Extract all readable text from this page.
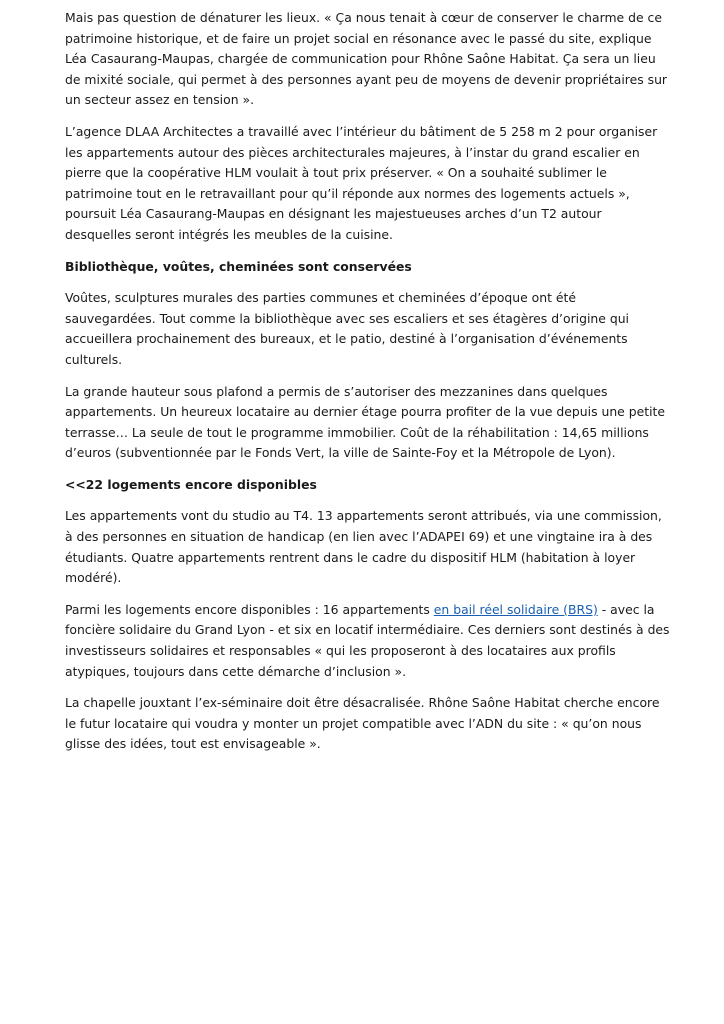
Mais pas question de dénaturer les lieux. « Ça nous tenait à cœur de conserver le charme de ce patrimoine historique, et de faire un projet social en résonance avec le passé du site, explique Léa Casaurang-Maupas, chargée de communication pour Rhône Saône Habitat. Ça sera un lieu de mixité sociale, qui permet à des personnes ayant peu de moyens de devenir propriétaires sur un secteur assez en tension ».

L’agence DLAA Architectes a travaillé avec l’intérieur du bâtiment de 5 258 m 2 pour organiser les appartements autour des pièces architecturales majeures, à l’instar du grand escalier en pierre que la coopérative HLM voulait à tout prix préserver. « On a souhaité sublimer le patrimoine tout en le retravaillant pour qu’il réponde aux normes des logements actuels », poursuit Léa Casaurang-Maupas en désignant les majestueuses arches d’un T2 autour desquelles seront intégrés les meubles de la cuisine.

Bibliothèque, voûtes, cheminées sont conservées

Voûtes, sculptures murales des parties communes et cheminées d’époque ont été sauvegardées. Tout comme la bibliothèque avec ses escaliers et ses étagères d’origine qui accueillera prochainement des bureaux, et le patio, destiné à l’organisation d’événements culturels.

La grande hauteur sous plafond a permis de s’autoriser des mezzanines dans quelques appartements. Un heureux locataire au dernier étage pourra profiter de la vue depuis une petite terrasse… La seule de tout le programme immobilier. Coût de la réhabilitation : 14,65 millions d’euros (subventionnée par le Fonds Vert, la ville de Sainte-Foy et la Métropole de Lyon).

<<22 logements encore disponibles

Les appartements vont du studio au T4. 13 appartements seront attribués, via une commission, à des personnes en situation de handicap (en lien avec l’ADAPEI 69) et une vingtaine ira à des étudiants. Quatre appartements rentrent dans le cadre du dispositif HLM (habitation à loyer modéré).

Parmi les logements encore disponibles : 16 appartements en bail réel solidaire (BRS) - avec la foncière solidaire du Grand Lyon - et six en locatif intermédiaire. Ces derniers sont destinés à des investisseurs solidaires et responsables « qui les proposeront à des locataires aux profils atypiques, toujours dans cette démarche d’inclusion ».

La chapelle jouxtant l’ex-séminaire doit être désacralisée. Rhône Saône Habitat cherche encore le futur locataire qui voudra y monter un projet compatible avec l’ADN du site : « qu’on nous glisse des idées, tout est envisageable ».
